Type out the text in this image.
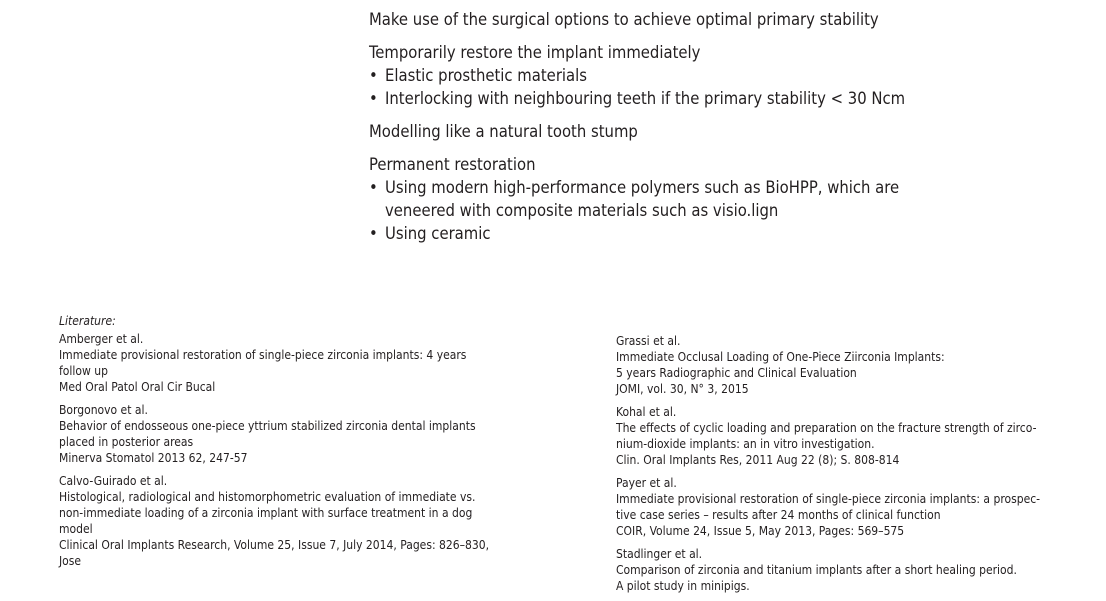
Make use of the surgical options to achieve optimal primary stability
Temporarily restore the implant immediately
• Elastic prosthetic materials
• Interlocking with neighbouring teeth if the primary stability < 30 Ncm
Modelling like a natural tooth stump
Permanent restoration
• Using modern high-performance polymers such as BioHPP, which are
veneered with composite materials such as visio.lign
• Using ceramic
Literature:
Amberger et al.
Immediate provisional restoration of single-piece zirconia implants: 4 years
follow up
Med Oral Patol Oral Cir Bucal
Borgonovo et al.
Behavior of endosseous one-piece yttrium stabilized zirconia dental implants
placed in posterior areas
Minerva Stomatol 2013 62, 247-57
Calvo-Guirado et al.
Histological, radiological and histomorphometric evaluation of immediate vs.
non-immediate loading of a zirconia implant with surface treatment in a dog
model
Clinical Oral Implants Research, Volume 25, Issue 7, July 2014, Pages: 826–830,
Jose
Grassi et al.
Immediate Occlusal Loading of One-Piece Ziirconia Implants:
5 years Radiographic and Clinical Evaluation
JOMI, vol. 30, N° 3, 2015
Kohal et al.
The effects of cyclic loading and preparation on the fracture strength of zirco-
nium-dioxide implants: an in vitro investigation.
Clin. Oral Implants Res, 2011 Aug 22 (8); S. 808-814
Payer et al.
Immediate provisional restoration of single-piece zirconia implants: a prospec-
tive case series – results after 24 months of clinical function
COIR, Volume 24, Issue 5, May 2013, Pages: 569–575
Stadlinger et al.
Comparison of zirconia and titanium implants after a short healing period.
A pilot study in minipigs.
